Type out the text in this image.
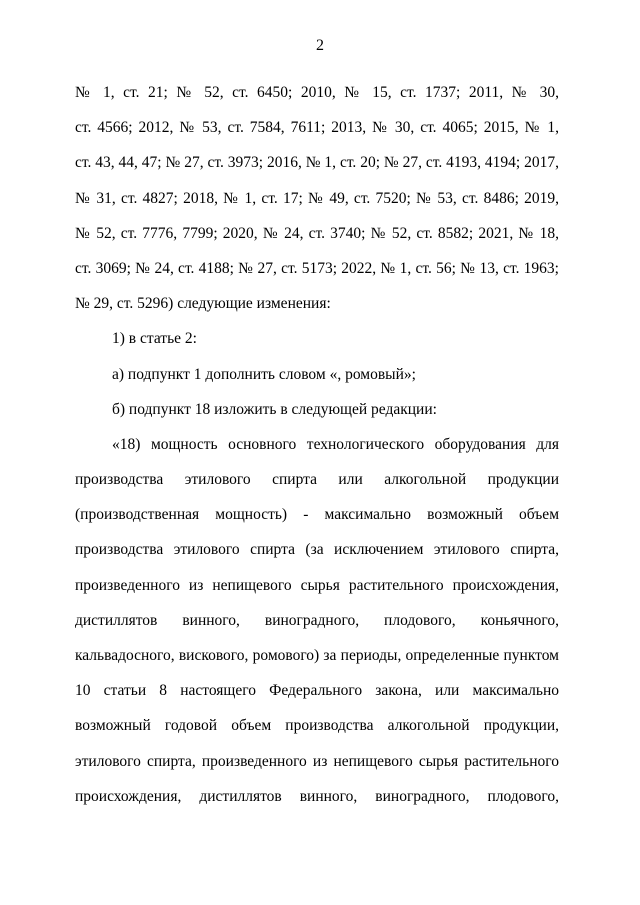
2
№ 1, ст. 21; № 52, ст. 6450; 2010, № 15, ст. 1737; 2011, № 30,
ст. 4566; 2012, № 53, ст. 7584, 7611; 2013, № 30, ст. 4065; 2015, № 1,
ст. 43, 44, 47; № 27, ст. 3973; 2016, № 1, ст. 20; № 27, ст. 4193, 4194; 2017,
№ 31, ст. 4827; 2018, № 1, ст. 17; № 49, ст. 7520; № 53, ст. 8486; 2019,
№ 52, ст. 7776, 7799; 2020, № 24, ст. 3740; № 52, ст. 8582; 2021, № 18,
ст. 3069; № 24, ст. 4188; № 27, ст. 5173; 2022, № 1, ст. 56; № 13, ст. 1963;
№ 29, ст. 5296) следующие изменения:
1) в статье 2:
а) подпункт 1 дополнить словом «, ромовый»;
б) подпункт 18 изложить в следующей редакции:
«18) мощность основного технологического оборудования для
производства этилового спирта или алкогольной продукции
(производственная мощность) - максимально возможный объем
производства этилового спирта (за исключением этилового спирта,
произведенного из непищевого сырья растительного происхождения,
дистиллятов винного, виноградного, плодового, коньячного,
кальвадосного, вискового, ромового) за периоды, определенные пунктом
10 статьи 8 настоящего Федерального закона, или максимально
возможный годовой объем производства алкогольной продукции,
этилового спирта, произведенного из непищевого сырья растительного
происхождения, дистиллятов винного, виноградного, плодового,
